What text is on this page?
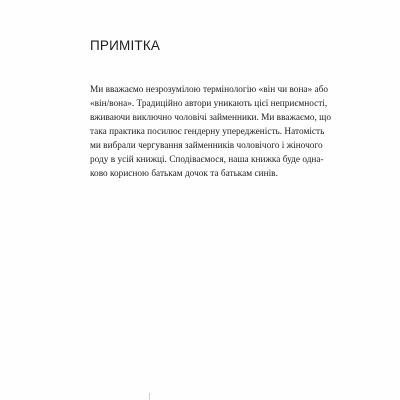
ПРИМІТКА

Ми вважаємо незрозумілою термінологію «він чи вона» або
«він/вона». Традиційно автори уникають цієї неприємності,
вживаючи виключно чоловічі займенники. Ми вважаємо, що
така практика посилює гендерну упередженість. Натомість
ми вибрали чергування займенників чоловічого і жіночого
роду в усій книжці. Сподіваємося, наша книжка буде одна-
ково корисною батькам дочок та батькам синів.
